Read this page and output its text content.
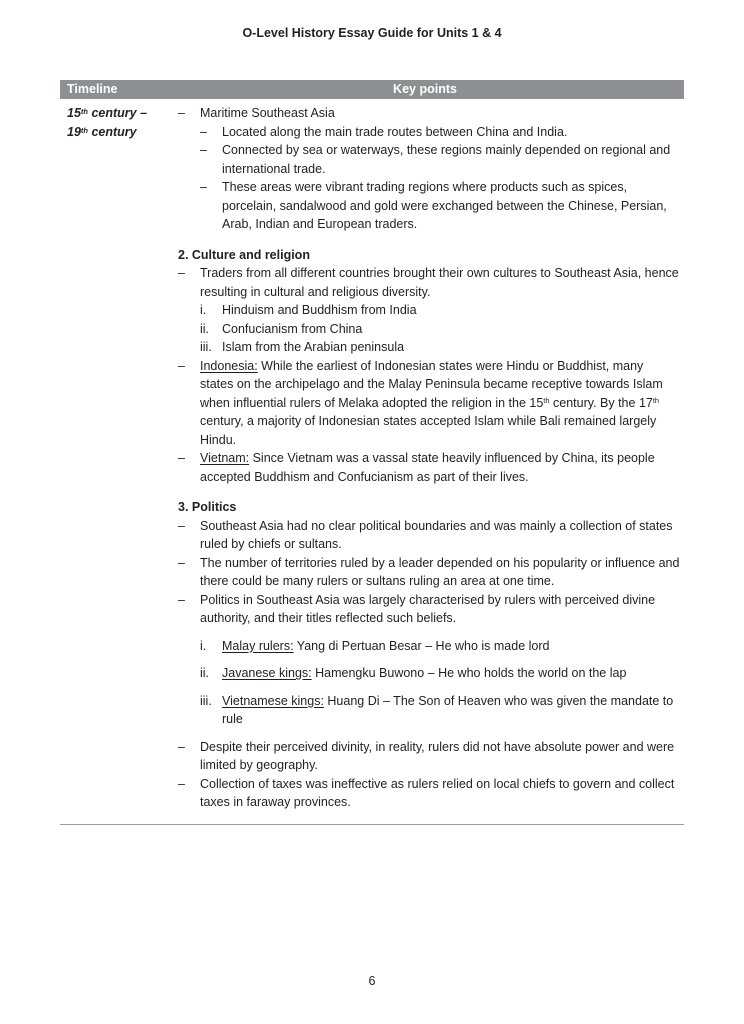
O-Level History Essay Guide for Units 1 & 4
Timeline	Key points
15th century –
19th century
–	Maritime Southeast Asia
–	Located along the main trade routes between China and India.
–	Connected by sea or waterways, these regions mainly depended on regional and international trade.
–	These areas were vibrant trading regions where products such as spices, porcelain, sandalwood and gold were exchanged between the Chinese, Persian, Arab, Indian and European traders.
2. Culture and religion
–	Traders from all different countries brought their own cultures to Southeast Asia, hence resulting in cultural and religious diversity.
i.	Hinduism and Buddhism from India
ii.	Confucianism from China
iii. Islam from the Arabian peninsula
–	Indonesia: While the earliest of Indonesian states were Hindu or Buddhist, many states on the archipelago and the Malay Peninsula became receptive towards Islam when influential rulers of Melaka adopted the religion in the 15th century. By the 17th century, a majority of Indonesian states accepted Islam while Bali remained largely Hindu.
–	Vietnam: Since Vietnam was a vassal state heavily influenced by China, its people accepted Buddhism and Confucianism as part of their lives.
3. Politics
–	Southeast Asia had no clear political boundaries and was mainly a collection of states ruled by chiefs or sultans.
–	The number of territories ruled by a leader depended on his popularity or influence and there could be many rulers or sultans ruling an area at one time.
–	Politics in Southeast Asia was largely characterised by rulers with perceived divine authority, and their titles reflected such beliefs.
i.	Malay rulers: Yang di Pertuan Besar – He who is made lord
ii.	Javanese kings: Hamengku Buwono – He who holds the world on the lap
iii. Vietnamese kings: Huang Di – The Son of Heaven who was given the mandate to rule
–	Despite their perceived divinity, in reality, rulers did not have absolute power and were limited by geography.
–	Collection of taxes was ineffective as rulers relied on local chiefs to govern and collect taxes in faraway provinces.
6
